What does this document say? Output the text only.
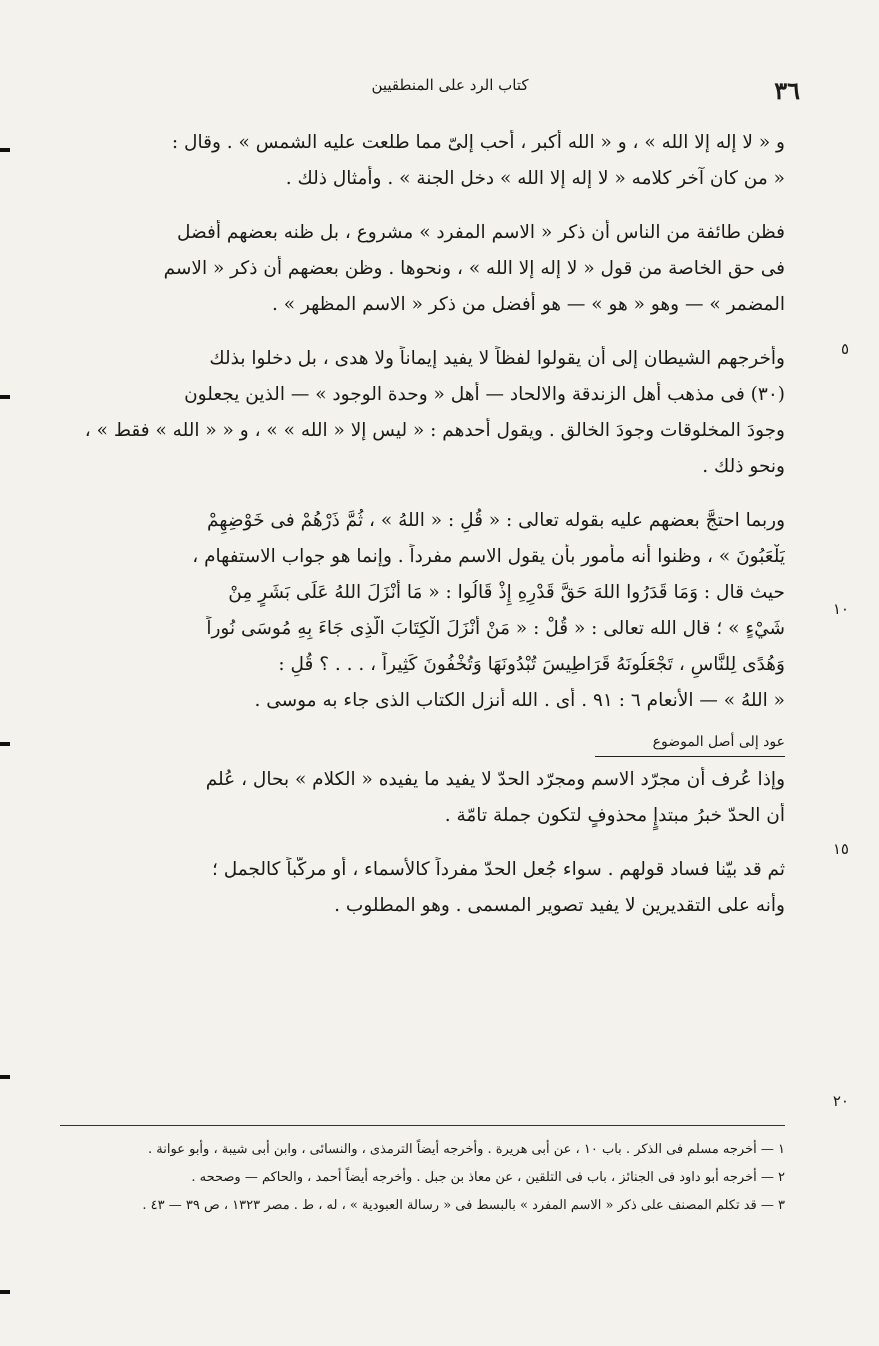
٣٦
كتاب الرد على المنطقيين

و « لا إله إلا الله » ، و « الله أكبر ، أحب إلىّ مما طلعت عليه الشمس » . وقال :

« من كان آخر كلامه « لا إله إلا الله » دخل الجنة » . وأمثال ذلك .

فظن طائفة من الناس أن ذكر « الاسم المفرد » مشروع ، بل ظنه بعضهم أفضل

فى حق الخاصة من قول « لا إله إلا الله » ، ونحوها . وظن بعضهم أن ذكر « الاسم

المضمر » — وهو « هو » — هو أفضل من ذكر « الاسم المظهر » .

وأخرجهم الشيطان إلى أن يقولوا لفظاً لا يفيد إيماناً ولا هدى ، بل دخلوا بذلك

(٣٠) فى مذهب أهل الزندقة والالحاد — أهل « وحدة الوجود » — الذين يجعلون

وجودَ المخلوقات وجودَ الخالق . ويقول أحدهم : « ليس إلا « الله » » ، و « « الله » فقط » ،

ونحو ذلك .

وربما احتجَّ بعضهم عليه بقوله تعالى : « قُلِ : « اللهُ » ، ثُمَّ ذَرْهُمْ فى خَوْضِهِمْ

يَلْعَبُونَ » ، وظنوا أنه مأمور بأن يقول الاسم مفرداً . وإنما هو جواب الاستفهام ،

حيث قال : وَمَا قَدَرُوا اللهَ حَقَّ قَدْرِهِ إِذْ قَالُوا : « مَا أَنْزَلَ اللهُ عَلَى بَشَرٍ مِنْ

شَيْءٍ » ؛ قال الله تعالى : « قُلْ : « مَنْ أَنْزَلَ الْكِتَابَ الَّذِى جَاءَ بِهِ مُوسَى نُوراً

وَهُدًى لِلنَّاسِ ، تَجْعَلُونَهُ قَرَاطِيسَ تُبْدُونَهَا وَتُخْفُونَ كَثِيراً ، . . . ؟ قُلِ :

« اللهُ » — الأنعام ٦ : ٩١ . أى . الله أنزل الكتاب الذى جاء به موسى .

عود إلى أصل الموضوع

وإذا عُرف أن مجرّد الاسم ومجرّد الحدّ لا يفيد ما يفيده « الكلام » بحال ، عُلم

أن الحدّ خبرُ مبتدإٍ محذوفٍ لتكون جملة تامّة .

ثم قد بيّنا فساد قولهم . سواء جُعل الحدّ مفرداً كالأسماء ، أو مركّباً كالجمل ؛

وأنه على التقديرين لا يفيد تصوير المسمى . وهو المطلوب .

٥
١٠
١٥
٢٠
١ — أخرجه مسلم فى الذكر . باب ١٠ ، عن أبى هريرة . وأخرجه أيضاً الترمذى ، والنسائى ، وابن أبى شيبة ، وأبو عوانة .
٢ — أخرجه أبو داود فى الجنائز ، باب فى التلقين ، عن معاذ بن جبل . وأخرجه أيضاً أحمد ، والحاكم — وصححه .
٣ — قد تكلم المصنف على ذكر « الاسم المفرد » بالبسط فى « رسالة العبودية » ، له ، ط . مصر ١٣٢٣ ، ص ٣٩ — ٤٣ .
